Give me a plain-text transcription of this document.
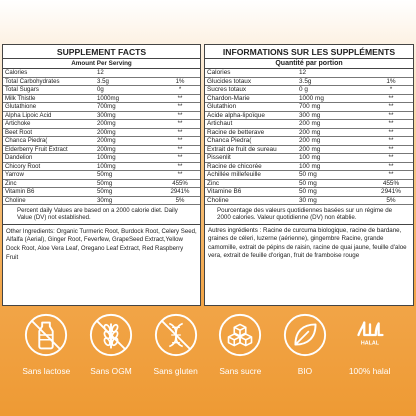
SUPPLEMENT FACTS
Amount Per Serving
Calories	12
Total Carbohydrates	3.5g	1%
Total Sugars	0g	*
Milk Thistle	1000mg	**
Glutathione	700mg	**
Alpha Lipoic Acid	300mg	**
Artichoke	200mg	**
Beet Root	200mg	**
Chanca Piedra(	200mg	**
Elderberry Fruit Extract	200mg	**
Dandelion	100mg	**
Chicory Root	100mg	**
Yarrow	50mg	**
Zinc	50mg	455%
Vitamin B6	50mg	2941%
Choline	30mg	5%
Percent daily Values are based on a 2000 calorie diet. Daily Value (DV) not established.
Other Ingredients: Organic Turmeric Root, Burdock Root, Celery Seed, Alfalfa (Aerial), Ginger Root, Feverfew, GrapeSeed Extract,Yellow Dock Root, Aloe Vera Leaf, Oregano Leaf Extract, Red Raspberry Fruit
INFORMATIONS SUR LES SUPPLÉMENTS
Quantité par portion
Calories	12
Glucides totaux	3.5g	1%
Sucres totaux	0 g	*
Chardon-Marie	1000 mg	**
Glutathion	700 mg	**
Acide alpha-lipoïque	300 mg	**
Artichaut	200 mg	**
Racine de betterave	200 mg	**
Chanca Piedra(	200 mg	**
Extrait de fruit de sureau	200 mg	**
Pissenlit	100 mg	**
Racine de chicorée	100 mg	**
Achillée millefeuille	50 mg	**
Zinc	50 mg	455%
Vitamine B6	50 mg	2941%
Choline	30 mg	5%
Pourcentage des valeurs quotidiennes basées sur un régime de 2000 calories. Valeur quotidienne (DV) non établie.
Autres ingrédients : Racine de curcuma biologique, racine de bardane, graines de céleri, luzerne (aérienne), gingembre Racine, grande camomille, extrait de pépins de raisin, racine de quai jaune, feuille d'aloe vera, extrait de feuille d'origan, fruit de framboise rouge
Sans lactose	Sans OGM	Sans gluten	Sans sucre	BIO
HALAL
100% halal
